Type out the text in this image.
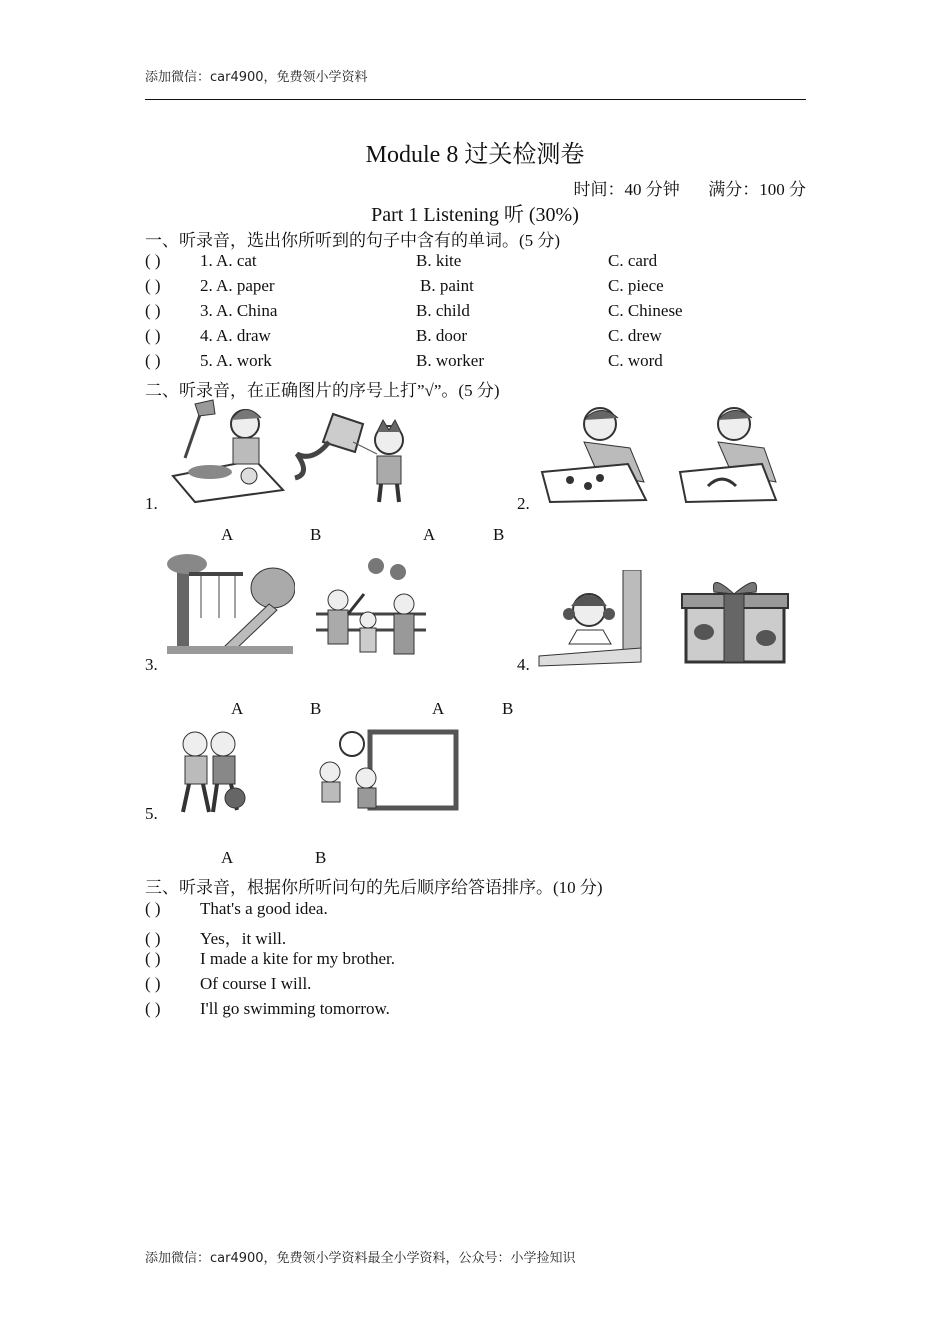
添加微信：car4900，免费领小学资料
Module 8 过关检测卷
时间：40 分钟 满分：100 分
Part 1 Listening 听 (30%)
一、听录音，选出你所听到的句子中含有的单词。(5 分)
( ) 1. A. cat	B. kite	C. card
( ) 2. A. paper	B. paint	C. piece
( ) 3. A. China	B. child	C. Chinese
( ) 4. A. draw	B. door	C. drew
( ) 5. A. work	B. worker	C. word
二、听录音，在正确图片的序号上打”√”。(5 分)
1.	2.
A	B	A	B
3.	4.
A	B	A	B
5.
A	B
三、听录音，根据你所听问句的先后顺序给答语排序。(10 分)
( ) That's a good idea.
( ) Yes，it will.
( ) I made a kite for my brother.
( ) Of course I will.
( ) I'll go swimming tomorrow.
添加微信：car4900，免费领小学资料最全小学资料，公众号：小学捡知识
